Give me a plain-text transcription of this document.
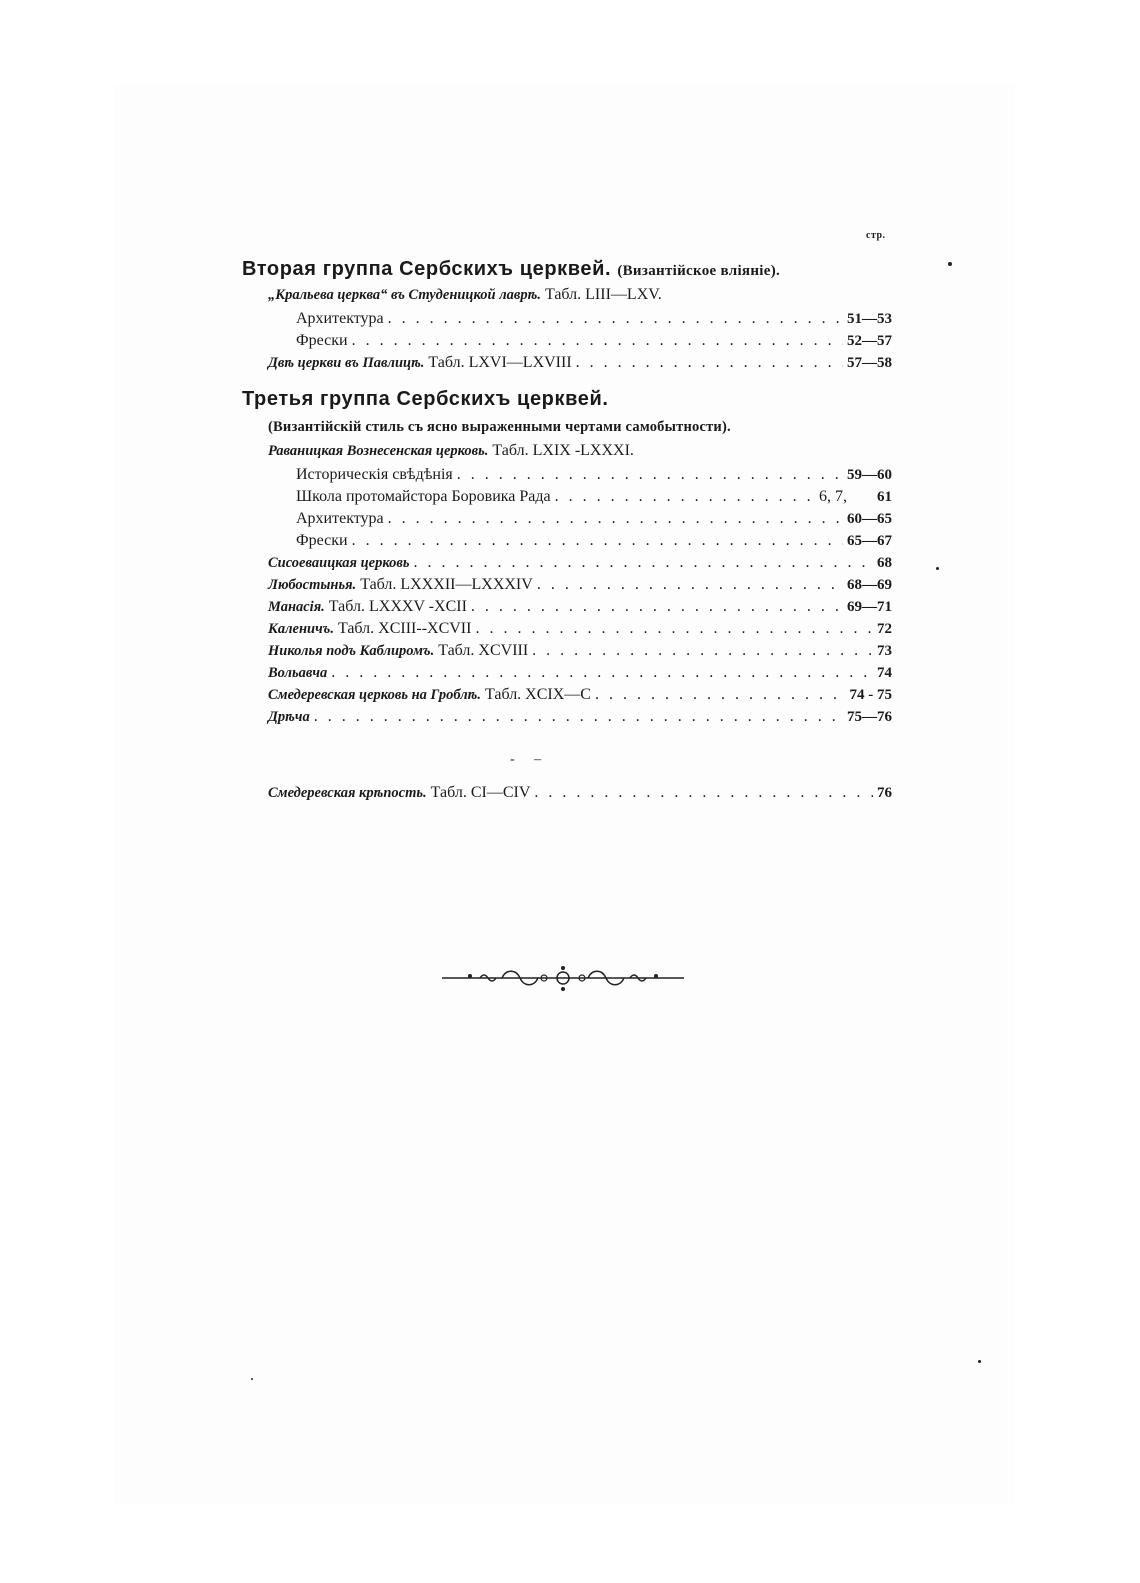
стр.
Вторая группа Сербскихъ церквей. (Византійское вліяніе).
„Кральева церква“ въ Студеницкой лаврѣ. Табл. LIII—LXV.
Архитектура . . .	51—53
Фрески . . .	52—57
Двѣ церкви въ Павлицѣ. Табл. LXVI—LXVIII . . .	57—58
Третья группа Сербскихъ церквей.
(Византійскій стиль съ ясно выраженными чертами самобытности).
Раваницкая Вознесенская церковь. Табл. LXIX -LXXXI.
Историческія свѣдѣнія . . .	59—60
Школа протомайстора Боровика Рада . . .	6, 7, 61
Архитектура . . .	60—65
Фрески . . .	65—67
Сисоеваицкая церковь . . .	68
Любостынья. Табл. LXXXII—LXXXIV . . .	68—69
Манасія. Табл. LXXXV -XCII . . .	69—71
Каленичъ. Табл. XCIII--XCVII . . .	72
Николья подъ Каблиромъ. Табл. XCVIII . . .	73
Вольавча . . .	74
Смедеревская церковь на Гроблѣ. Табл. XCIX—C . . .	74 - 75
Дрѣча . . .	75—76
- –
Смедеревская крѣпость. Табл. CI—CIV . . .	76
